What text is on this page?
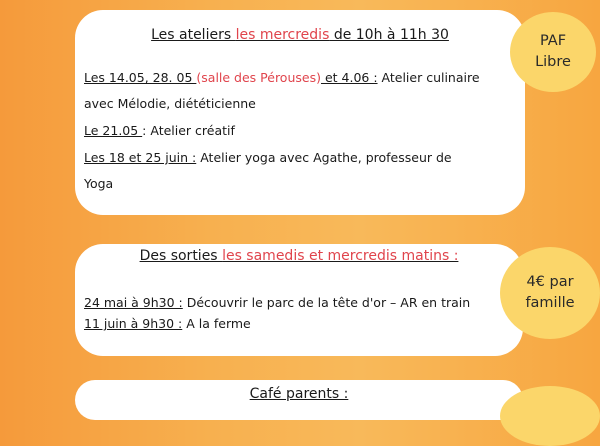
Les ateliers les mercredis de 10h à 11h 30
Les 14.05, 28. 05 (salle des Pérouses) et 4.06 : Atelier culinaire
avec Mélodie, diététicienne
Le 21.05 : Atelier créatif
Les 18 et 25 juin : Atelier yoga avec Agathe, professeur de
Yoga
PAF
Libre
Des sorties les samedis et mercredis matins :
24 mai à 9h30 : Découvrir le parc de la tête d'or – AR en train
11 juin à 9h30 : A la ferme
4€ par
famille
Café parents :
